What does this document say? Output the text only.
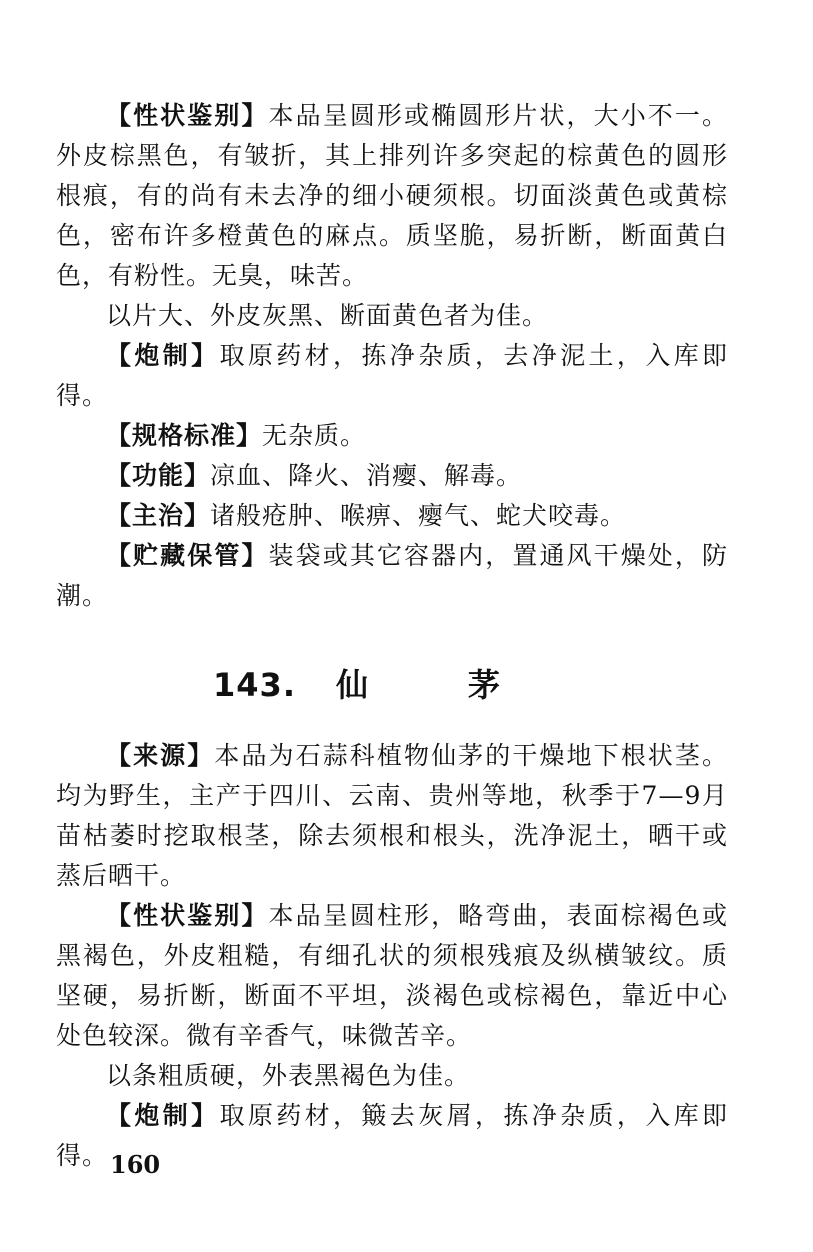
【性状鉴别】本品呈圆形或椭圆形片状，大小不一。外皮棕黑色，有皱折，其上排列许多突起的棕黄色的圆形根痕，有的尚有未去净的细小硬须根。切面淡黄色或黄棕色，密布许多橙黄色的麻点。质坚脆，易折断，断面黄白色，有粉性。无臭，味苦。

以片大、外皮灰黑、断面黄色者为佳。

【炮制】取原药材，拣净杂质，去净泥土，入库即得。

【规格标准】无杂质。

【功能】凉血、降火、消瘿、解毒。

【主治】诸般疮肿、喉痹、瘿气、蛇犬咬毒。

【贮藏保管】装袋或其它容器内，置通风干燥处，防潮。

143. 仙茅

【来源】本品为石蒜科植物仙茅的干燥地下根状茎。均为野生，主产于四川、云南、贵州等地，秋季于7—9月苗枯萎时挖取根茎，除去须根和根头，洗净泥土，晒干或蒸后晒干。

【性状鉴别】本品呈圆柱形，略弯曲，表面棕褐色或黑褐色，外皮粗糙，有细孔状的须根残痕及纵横皱纹。质坚硬，易折断，断面不平坦，淡褐色或棕褐色，靠近中心处色较深。微有辛香气，味微苦辛。

以条粗质硬，外表黑褐色为佳。

【炮制】取原药材，簸去灰屑，拣净杂质，入库即得。 160
